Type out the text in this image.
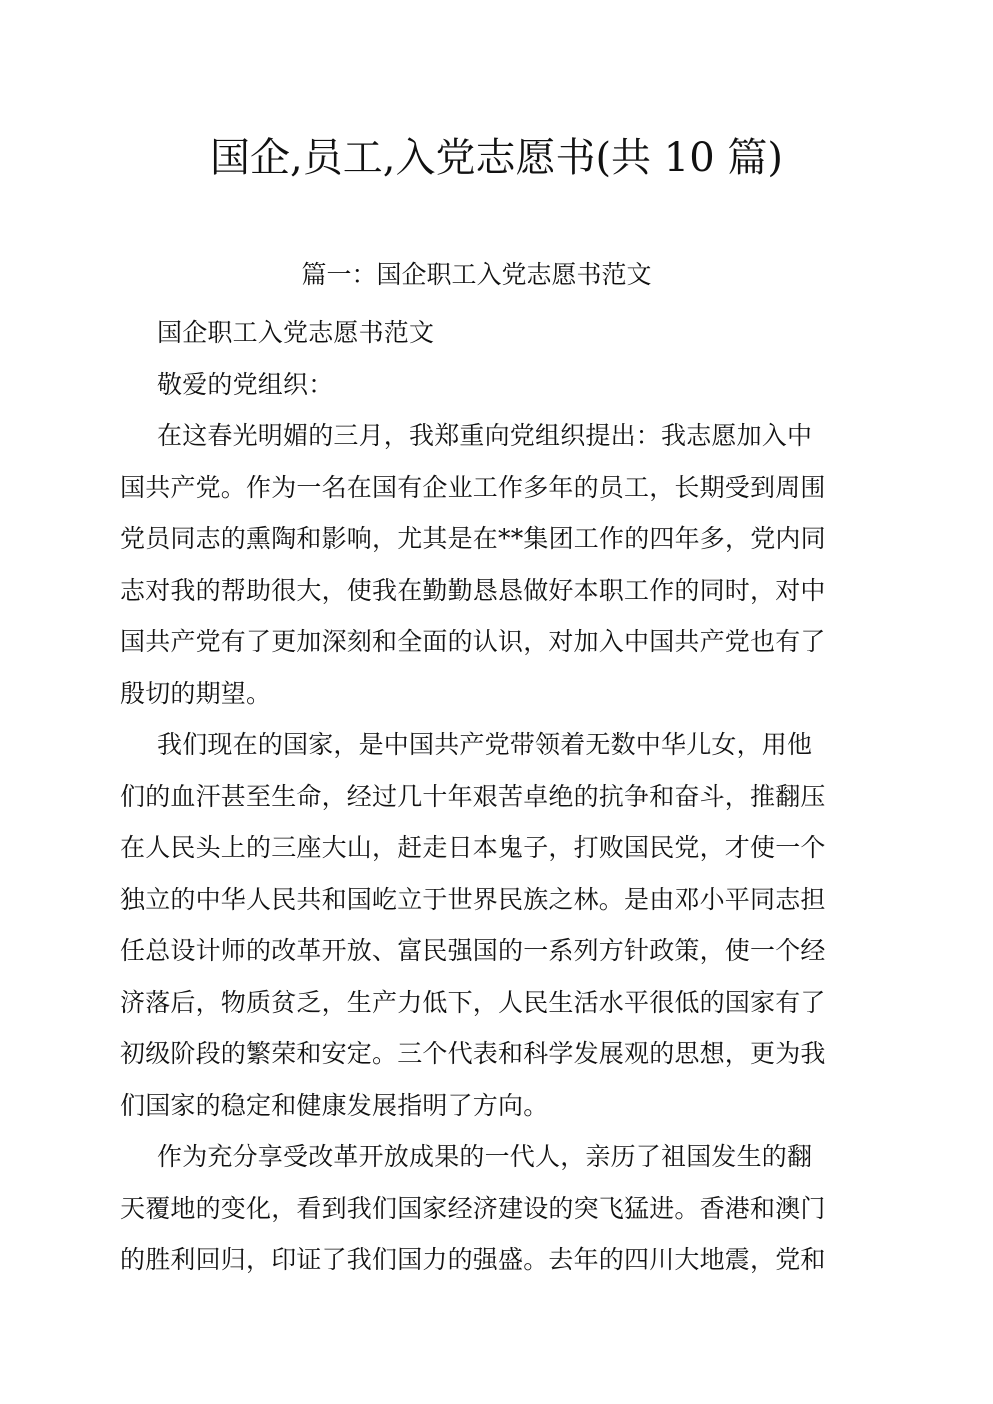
国企,员工,入党志愿书(共 10 篇)
篇一：国企职工入党志愿书范文
国企职工入党志愿书范文
敬爱的党组织：
在这春光明媚的三月，我郑重向党组织提出：我志愿加入中
国共产党。作为一名在国有企业工作多年的员工，长期受到周围
党员同志的熏陶和影响，尤其是在**集团工作的四年多，党内同
志对我的帮助很大，使我在勤勤恳恳做好本职工作的同时，对中
国共产党有了更加深刻和全面的认识，对加入中国共产党也有了
殷切的期望。
我们现在的国家，是中国共产党带领着无数中华儿女，用他
们的血汗甚至生命，经过几十年艰苦卓绝的抗争和奋斗，推翻压
在人民头上的三座大山，赶走日本鬼子，打败国民党，才使一个
独立的中华人民共和国屹立于世界民族之林。是由邓小平同志担
任总设计师的改革开放、富民强国的一系列方针政策，使一个经
济落后，物质贫乏，生产力低下，人民生活水平很低的国家有了
初级阶段的繁荣和安定。三个代表和科学发展观的思想，更为我
们国家的稳定和健康发展指明了方向。
作为充分享受改革开放成果的一代人，亲历了祖国发生的翻
天覆地的变化，看到我们国家经济建设的突飞猛进。香港和澳门
的胜利回归，印证了我们国力的强盛。去年的四川大地震，党和
